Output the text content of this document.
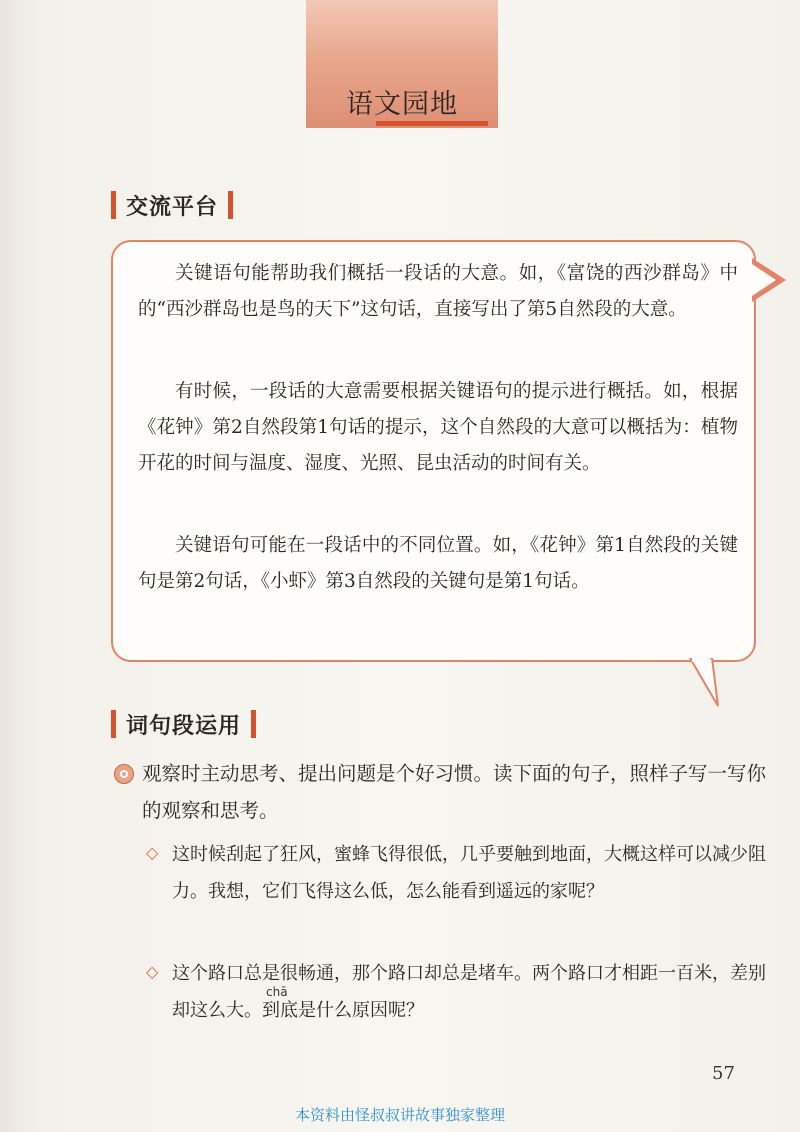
语文园地
交流平台

关键语句能帮助我们概括一段话的大意。如，《富饶的西沙群岛》中的“西沙群岛也是鸟的天下”这句话，直接写出了第5自然段的大意。

有时候，一段话的大意需要根据关键语句的提示进行概括。如，根据《花钟》第2自然段第1句话的提示，这个自然段的大意可以概括为：植物开花的时间与温度、湿度、光照、昆虫活动的时间有关。

关键语句可能在一段话中的不同位置。如，《花钟》第1自然段的关键句是第2句话，《小虾》第3自然段的关键句是第1句话。

词句段运用

观察时主动思考、提出问题是个好习惯。读下面的句子，照样子写一写你的观察和思考。

◇ 这时候刮起了狂风，蜜蜂飞得很低，几乎要触到地面，大概这样可以减少阻力。我想，它们飞得这么低，怎么能看到遥远的家呢？

◇
chā

这个路口总是很畅通，那个路口却总是堵车。两个路口才相距一百米，差别却这么大。到底是什么原因呢？

57
本资料由怪叔叔讲故事独家整理
